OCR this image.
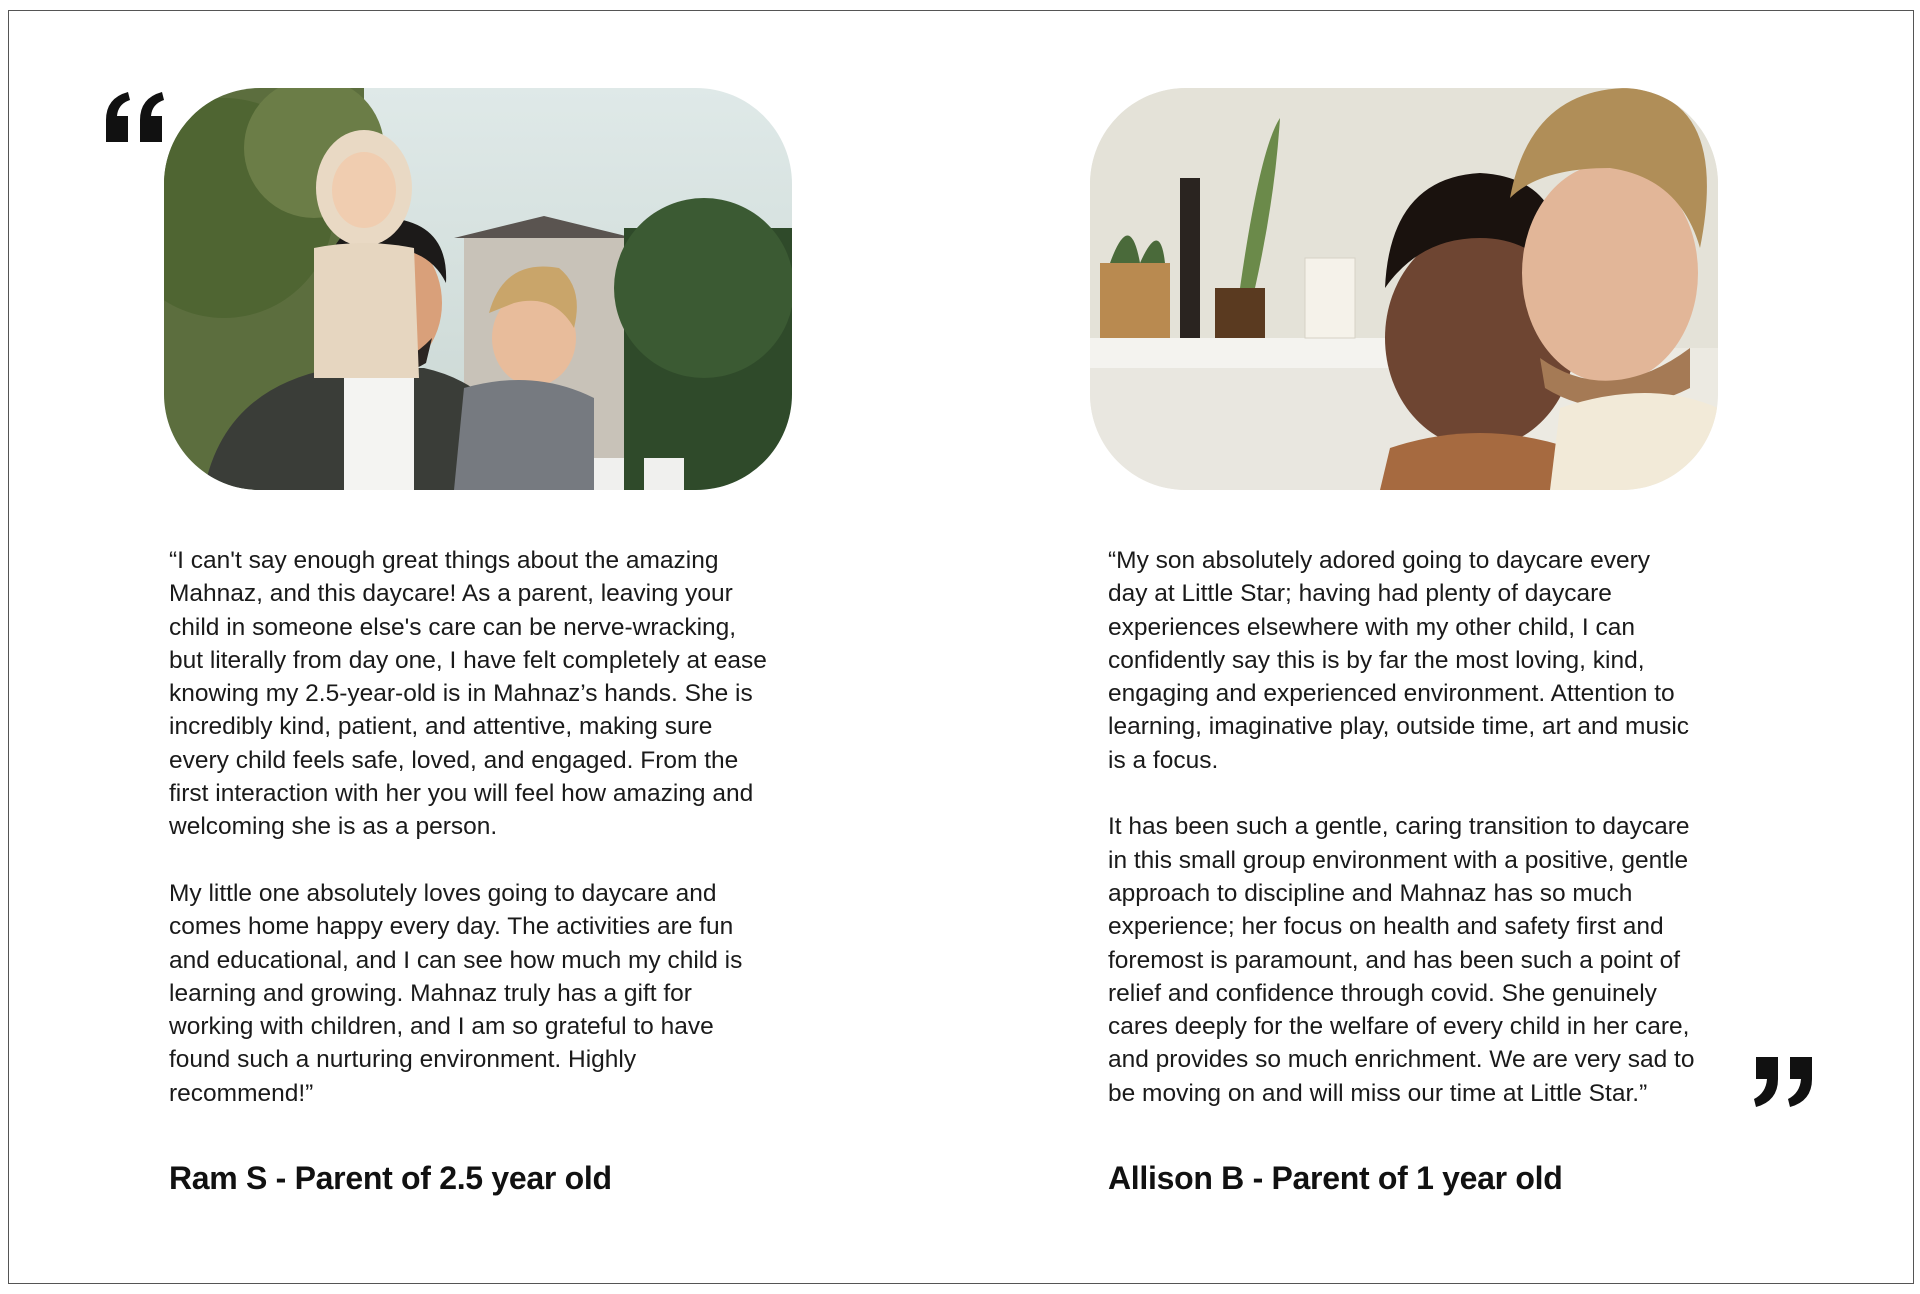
“I can't say enough great things about the amazing
Mahnaz, and this daycare! As a parent, leaving your
child in someone else's care can be nerve-wracking,
but literally from day one, I have felt completely at ease
knowing my 2.5-year-old is in Mahnaz’s hands. She is
incredibly kind, patient, and attentive, making sure
every child feels safe, loved, and engaged. From the
first interaction with her you will feel how amazing and
welcoming she is as a person.

My little one absolutely loves going to daycare and
comes home happy every day. The activities are fun
and educational, and I can see how much my child is
learning and growing. Mahnaz truly has a gift for
working with children, and I am so grateful to have
found such a nurturing environment. Highly
recommend!”

Ram S - Parent of 2.5 year old

“My son absolutely adored going to daycare every
day at Little Star; having had plenty of daycare
experiences elsewhere with my other child, I can
confidently say this is by far the most loving, kind,
engaging and experienced environment. Attention to
learning, imaginative play, outside time, art and music
is a focus.

It has been such a gentle, caring transition to daycare
in this small group environment with a positive, gentle
approach to discipline and Mahnaz has so much
experience; her focus on health and safety first and
foremost is paramount, and has been such a point of
relief and confidence through covid. She genuinely
cares deeply for the welfare of every child in her care,
and provides so much enrichment. We are very sad to
be moving on and will miss our time at Little Star.”

Allison B - Parent of 1 year old
